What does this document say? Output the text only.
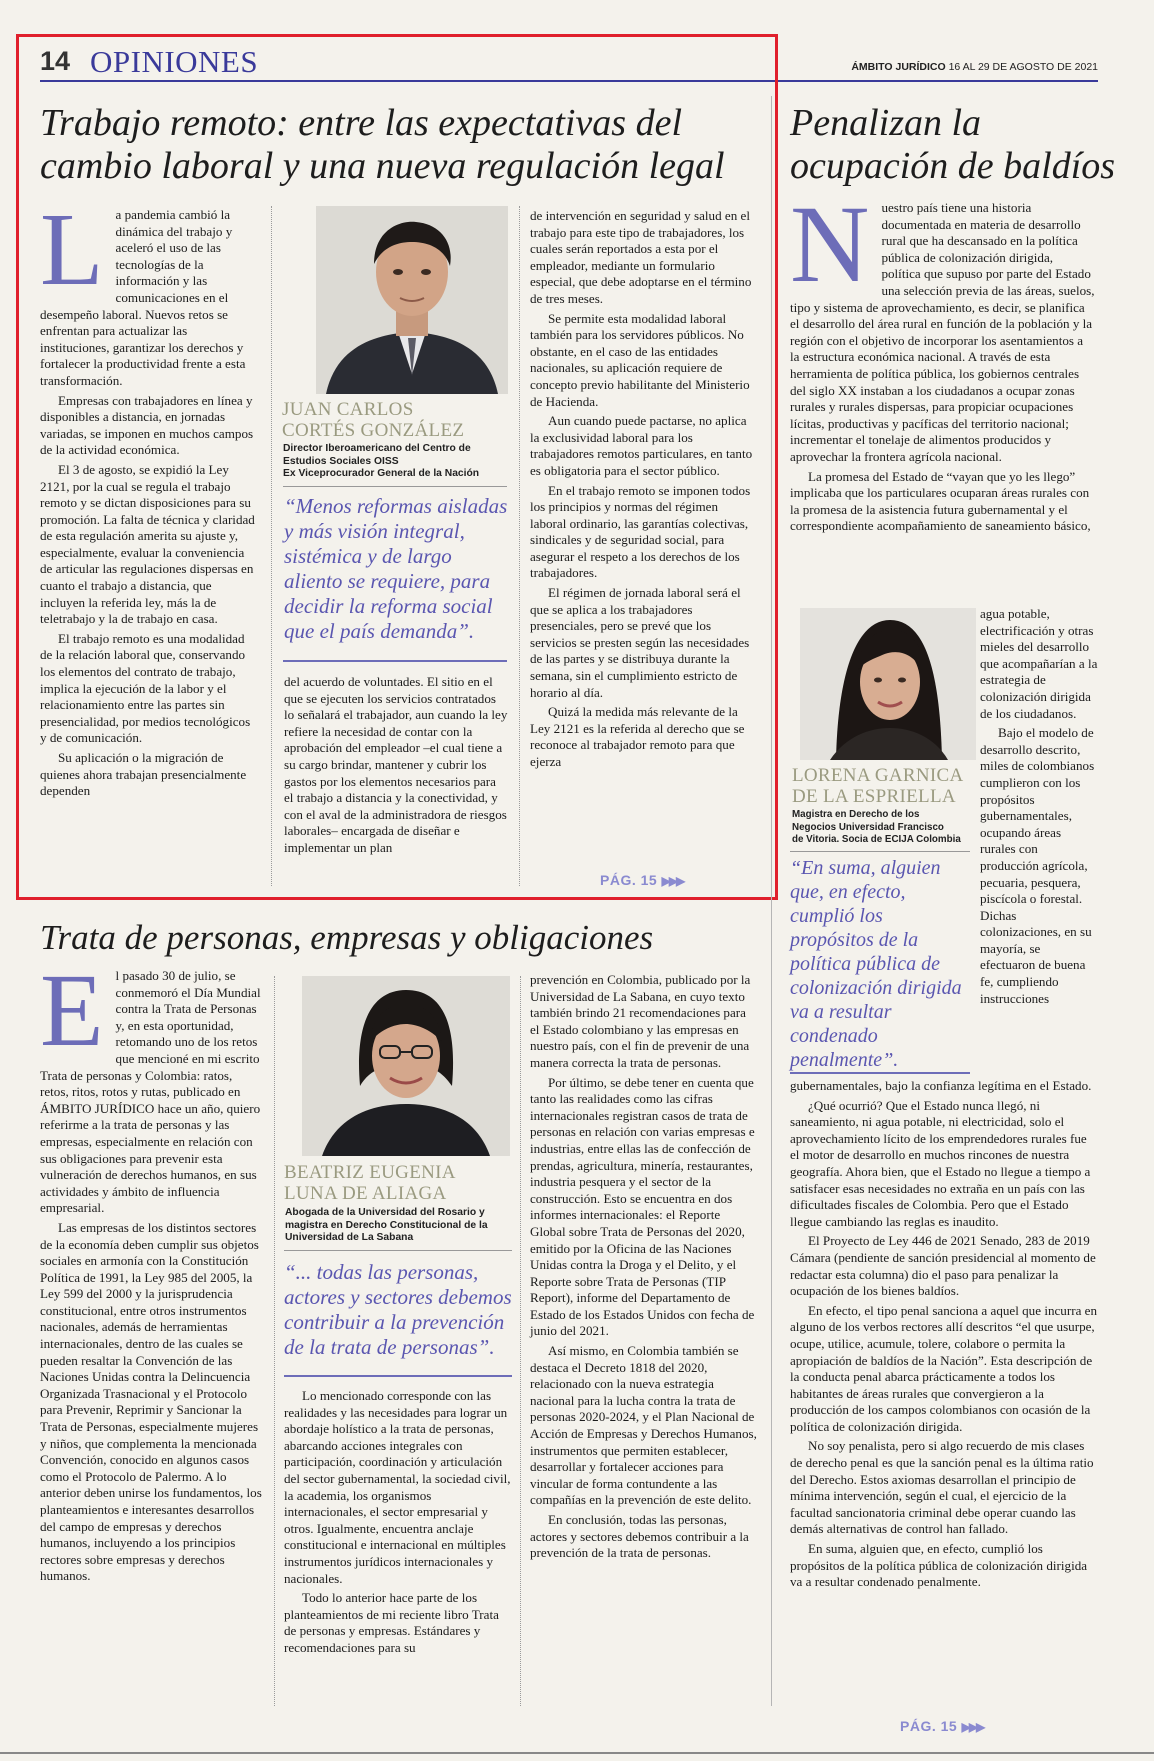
14 OPINIONES	ÁMBITO JURÍDICO 16 AL 29 DE AGOSTO DE 2021
Trabajo remoto: entre las expectativas del cambio laboral y una nueva regulación legal

La pandemia cambió la dinámica del trabajo y aceleró el uso de las tecnologías de la información y las comunicaciones en el desempeño laboral. Nuevos retos se enfrentan para actualizar las instituciones, garantizar los derechos y fortalecer la productividad frente a esta transformación.

Empresas con trabajadores en línea y disponibles a distancia, en jornadas variadas, se imponen en muchos campos de la actividad económica.

El 3 de agosto, se expidió la Ley 2121, por la cual se regula el trabajo remoto y se dictan disposiciones para su promoción. La falta de técnica y claridad de esta regulación amerita su ajuste y, especialmente, evaluar la conveniencia de articular las regulaciones dispersas en cuanto el trabajo a distancia, que incluyen la referida ley, más la de teletrabajo y la de trabajo en casa.

El trabajo remoto es una modalidad de la relación laboral que, conservando los elementos del contrato de trabajo, implica la ejecución de la labor y el relacionamiento entre las partes sin presencialidad, por medios tecnológicos y de comunicación.

Su aplicación o la migración de quienes ahora trabajan presencialmente dependen

JUAN CARLOS
CORTÉS GONZÁLEZ
Director Iberoamericano del Centro de
Estudios Sociales OISS
Ex Viceprocurador General de la Nación
“Menos reformas aisladas y más visión integral, sistémica y de largo aliento se requiere, para decidir la reforma social que el país demanda”.

del acuerdo de voluntades. El sitio en el que se ejecuten los servicios contratados lo señalará el trabajador, aun cuando la ley refiere la necesidad de contar con la aprobación del empleador –el cual tiene a su cargo brindar, mantener y cubrir los gastos por los elementos necesarios para el trabajo a distancia y la conectividad, y con el aval de la administradora de riesgos laborales– encargada de diseñar e implementar un plan

de intervención en seguridad y salud en el trabajo para este tipo de trabajadores, los cuales serán reportados a esta por el empleador, mediante un formulario especial, que debe adoptarse en el término de tres meses.

Se permite esta modalidad laboral también para los servidores públicos. No obstante, en el caso de las entidades nacionales, su aplicación requiere de concepto previo habilitante del Ministerio de Hacienda.

Aun cuando puede pactarse, no aplica la exclusividad laboral para los trabajadores remotos particulares, en tanto es obligatoria para el sector público.

En el trabajo remoto se imponen todos los principios y normas del régimen laboral ordinario, las garantías colectivas, sindicales y de seguridad social, para asegurar el respeto a los derechos de los trabajadores.

El régimen de jornada laboral será el que se aplica a los trabajadores presenciales, pero se prevé que los servicios se presten según las necesidades de las partes y se distribuya durante la semana, sin el cumplimiento estricto de horario al día.

Quizá la medida más relevante de la Ley 2121 es la referida al derecho que se reconoce al trabajador remoto para que ejerza

PÁG. 15 ▶▶▶
Penalizan la ocupación de baldíos

Nuestro país tiene una historia documentada en materia de desarrollo rural que ha descansado en la política pública de colonización dirigida, política que supuso por parte del Estado una selección previa de las áreas, suelos, tipo y sistema de aprovechamiento, es decir, se planifica el desarrollo del área rural en función de la población y la región con el objetivo de incorporar los asentamientos a la estructura económica nacional. A través de esta herramienta de política pública, los gobiernos centrales del siglo XX instaban a los ciudadanos a ocupar zonas rurales y rurales dispersas, para propiciar ocupaciones lícitas, productivas y pacíficas del territorio nacional; incrementar el tonelaje de alimentos producidos y aprovechar la frontera agrícola nacional.

La promesa del Estado de “vayan que yo les llego” implicaba que los particulares ocuparan áreas rurales con la promesa de la asistencia futura gubernamental y el correspondiente acompañamiento de saneamiento básico,

agua potable, electrificación y otras mieles del desarrollo que acompañarían a la estrategia de colonización dirigida de los ciudadanos.

Bajo el modelo de desarrollo descrito, miles de colombianos cumplieron con los propósitos gubernamentales, ocupando áreas rurales con producción agrícola, pecuaria, pesquera, piscícola o forestal. Dichas colonizaciones, en su mayoría, se efectuaron de buena fe, cumpliendo instrucciones

LORENA GARNICA
DE LA ESPRIELLA
Magistra en Derecho de los
Negocios Universidad Francisco
de Vitoria. Socia de ECIJA Colombia
“En suma, alguien que, en efecto, cumplió los propósitos de la política pública de colonización dirigida va a resultar condenado penalmente”.

gubernamentales, bajo la confianza legítima en el Estado.

¿Qué ocurrió? Que el Estado nunca llegó, ni saneamiento, ni agua potable, ni electricidad, solo el aprovechamiento lícito de los emprendedores rurales fue el motor de desarrollo en muchos rincones de nuestra geografía. Ahora bien, que el Estado no llegue a tiempo a satisfacer esas necesidades no extraña en un país con las dificultades fiscales de Colombia. Pero que el Estado llegue cambiando las reglas es inaudito.

El Proyecto de Ley 446 de 2021 Senado, 283 de 2019 Cámara (pendiente de sanción presidencial al momento de redactar esta columna) dio el paso para penalizar la ocupación de los bienes baldíos.

En efecto, el tipo penal sanciona a aquel que incurra en alguno de los verbos rectores allí descritos “el que usurpe, ocupe, utilice, acumule, tolere, colabore o permita la apropiación de baldíos de la Nación”. Esta descripción de la conducta penal abarca prácticamente a todos los habitantes de áreas rurales que convergieron a la producción de los campos colombianos con ocasión de la política de colonización dirigida.

No soy penalista, pero si algo recuerdo de mis clases de derecho penal es que la sanción penal es la última ratio del Derecho. Estos axiomas desarrollan el principio de mínima intervención, según el cual, el ejercicio de la facultad sancionatoria criminal debe operar cuando las demás alternativas de control han fallado.

En suma, alguien que, en efecto, cumplió los propósitos de la política pública de colonización dirigida va a resultar condenado penalmente.

PÁG. 15 ▶▶▶
Trata de personas, empresas y obligaciones

El pasado 30 de julio, se conmemoró el Día Mundial contra la Trata de Personas y, en esta oportunidad, retomando uno de los retos que mencioné en mi escrito Trata de personas y Colombia: ratos, retos, ritos, rotos y rutas, publicado en ÁMBITO JURÍDICO hace un año, quiero referirme a la trata de personas y las empresas, especialmente en relación con sus obligaciones para prevenir esta vulneración de derechos humanos, en sus actividades y ámbito de influencia empresarial.

Las empresas de los distintos sectores de la economía deben cumplir sus objetos sociales en armonía con la Constitución Política de 1991, la Ley 985 del 2005, la Ley 599 del 2000 y la jurisprudencia constitucional, entre otros instrumentos nacionales, además de herramientas internacionales, dentro de las cuales se pueden resaltar la Convención de las Naciones Unidas contra la Delincuencia Organizada Trasnacional y el Protocolo para Prevenir, Reprimir y Sancionar la Trata de Personas, especialmente mujeres y niños, que complementa la mencionada Convención, conocido en algunos casos como el Protocolo de Palermo. A lo anterior deben unirse los fundamentos, los planteamientos e interesantes desarrollos del campo de empresas y derechos humanos, incluyendo a los principios rectores sobre empresas y derechos humanos.

BEATRIZ EUGENIA
LUNA DE ALIAGA
Abogada de la Universidad del Rosario y
magistra en Derecho Constitucional de la
Universidad de La Sabana
“... todas las personas, actores y sectores debemos contribuir a la prevención de la trata de personas”.

Lo mencionado corresponde con las realidades y las necesidades para lograr un abordaje holístico a la trata de personas, abarcando acciones integrales con participación, coordinación y articulación del sector gubernamental, la sociedad civil, la academia, los organismos internacionales, el sector empresarial y otros. Igualmente, encuentra anclaje constitucional e internacional en múltiples instrumentos jurídicos internacionales y nacionales.

Todo lo anterior hace parte de los planteamientos de mi reciente libro Trata de personas y empresas. Estándares y recomendaciones para su

prevención en Colombia, publicado por la Universidad de La Sabana, en cuyo texto también brindo 21 recomendaciones para el Estado colombiano y las empresas en nuestro país, con el fin de prevenir de una manera correcta la trata de personas.

Por último, se debe tener en cuenta que tanto las realidades como las cifras internacionales registran casos de trata de personas en relación con varias empresas e industrias, entre ellas las de confección de prendas, agricultura, minería, restaurantes, industria pesquera y el sector de la construcción. Esto se encuentra en dos informes internacionales: el Reporte Global sobre Trata de Personas del 2020, emitido por la Oficina de las Naciones Unidas contra la Droga y el Delito, y el Reporte sobre Trata de Personas (TIP Report), informe del Departamento de Estado de los Estados Unidos con fecha de junio del 2021.

Así mismo, en Colombia también se destaca el Decreto 1818 del 2020, relacionado con la nueva estrategia nacional para la lucha contra la trata de personas 2020-2024, y el Plan Nacional de Acción de Empresas y Derechos Humanos, instrumentos que permiten establecer, desarrollar y fortalecer acciones para vincular de forma contundente a las compañías en la prevención de este delito.

En conclusión, todas las personas, actores y sectores debemos contribuir a la prevención de la trata de personas.
